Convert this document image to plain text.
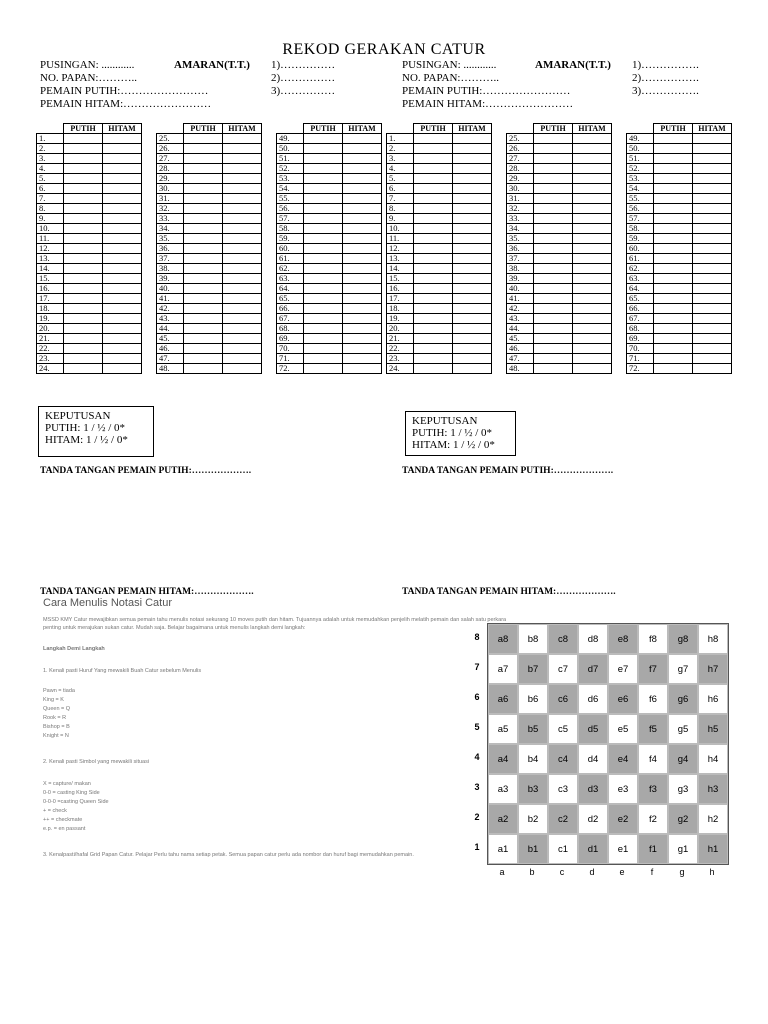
REKOD GERAKAN CATUR
PUSINGAN: ............	AMARAN(T.T.) 1)……………
NO. PAPAN:………..	2)……………
PEMAIN PUTIH:……………………	3)……………
PEMAIN HITAM:……………………
PUSINGAN: ............	AMARAN(T.T.) 1)…………….
NO. PAPAN:………..	2)…………….
PEMAIN PUTIH:……………………	3)…………….
PEMAIN HITAM:……………………
	PUTIH	HITAM			PUTIH	HITAM			PUTIH	HITAM
1.				25.				49.		
2.				26.				50.		
3.				27.				51.		
4.				28.				52.		
5.				29.				53.		
6.				30.				54.		
7.				31.				55.		
8.				32.				56.		
9.				33.				57.		
10.				34.				58.		
11.				35.				59.		
12.				36.				60.		
13.				37.				61.		
14.				38.				62.		
15.				39.				63.		
16.				40.				64.		
17.				41.				65.		
18.				42.				66.		
19.				43.				67.		
20.				44.				68.		
21.				45.				69.		
22.				46.				70.		
23.				47.				71.		
24.				48.				72.		
	PUTIH	HITAM			PUTIH	HITAM			PUTIH	HITAM
1.				25.				49.		
2.				26.				50.		
3.				27.				51.		
4.				28.				52.		
5.				29.				53.		
6.				30.				54.		
7.				31.				55.		
8.				32.				56.		
9.				33.				57.		
10.				34.				58.		
11.				35.				59.		
12.				36.				60.		
13.				37.				61.		
14.				38.				62.		
15.				39.				63.		
16.				40.				64.		
17.				41.				65.		
18.				42.				66.		
19.				43.				67.		
20.				44.				68.		
21.				45.				69.		
22.				46.				70.		
23.				47.				71.		
24.				48.				72.		
KEPUTUSAN
PUTIH: 1 / ½ / 0*
HITAM: 1 / ½ / 0*
KEPUTUSAN
PUTIH: 1 / ½ / 0*
HITAM: 1 / ½ / 0*
TANDA TANGAN PEMAIN PUTIH:……………….	TANDA TANGAN PEMAIN PUTIH:……………….
TANDA TANGAN PEMAIN HITAM:……………….	TANDA TANGAN PEMAIN HITAM:……………….
Cara Menulis Notasi Catur
MSSD KMY Catur mewajibkan semua pemain tahu menulis notasi sekurang 10 moves putih dan hitam. Tujuannya adalah untuk memudahkan penjelih melatih pemain dan salah satu perkara
penting untuk merajukan sukan catur. Mudah saja. Belajar bagaimana untuk menulis langkah demi langkah:
Langkah Demi Langkah
1. Kenali pasti Huruf Yang mewakili Buah Catur sebelum Menulis
Pawn = tiada
King = K
Queen = Q
Rook = R
Bishop = B
Knight = N
2. Kenali pasti Simbol yang mewakili situasi
X = capture/ makan
0-0 = casting King Side
0-0-0 =casting Queen Side
+ = check
++ = checkmate
e.p. = en passant
3. Kenalpasti/hafal Grid Papan Catur. Pelajar Perlu tahu nama setiap petak. Semua papan catur perlu ada nombor dan huruf bagi memudahkan pemain.
a8	b8	c8	d8	e8	f8	g8	h8
a7	b7	c7	d7	e7	f7	g7	h7
a6	b6	c6	d6	e6	f6	g6	h6
a5	b5	c5	d5	e5	f5	g5	h5
a4	b4	c4	d4	e4	f4	g4	h4
a3	b3	c3	d3	e3	f3	g3	h3
a2	b2	c2	d2	e2	f2	g2	h2
a1	b1	c1	d1	e1	f1	g1	h1
8
7
6
5
4
3
2
1
a	b	c	d	e	f	g	h
